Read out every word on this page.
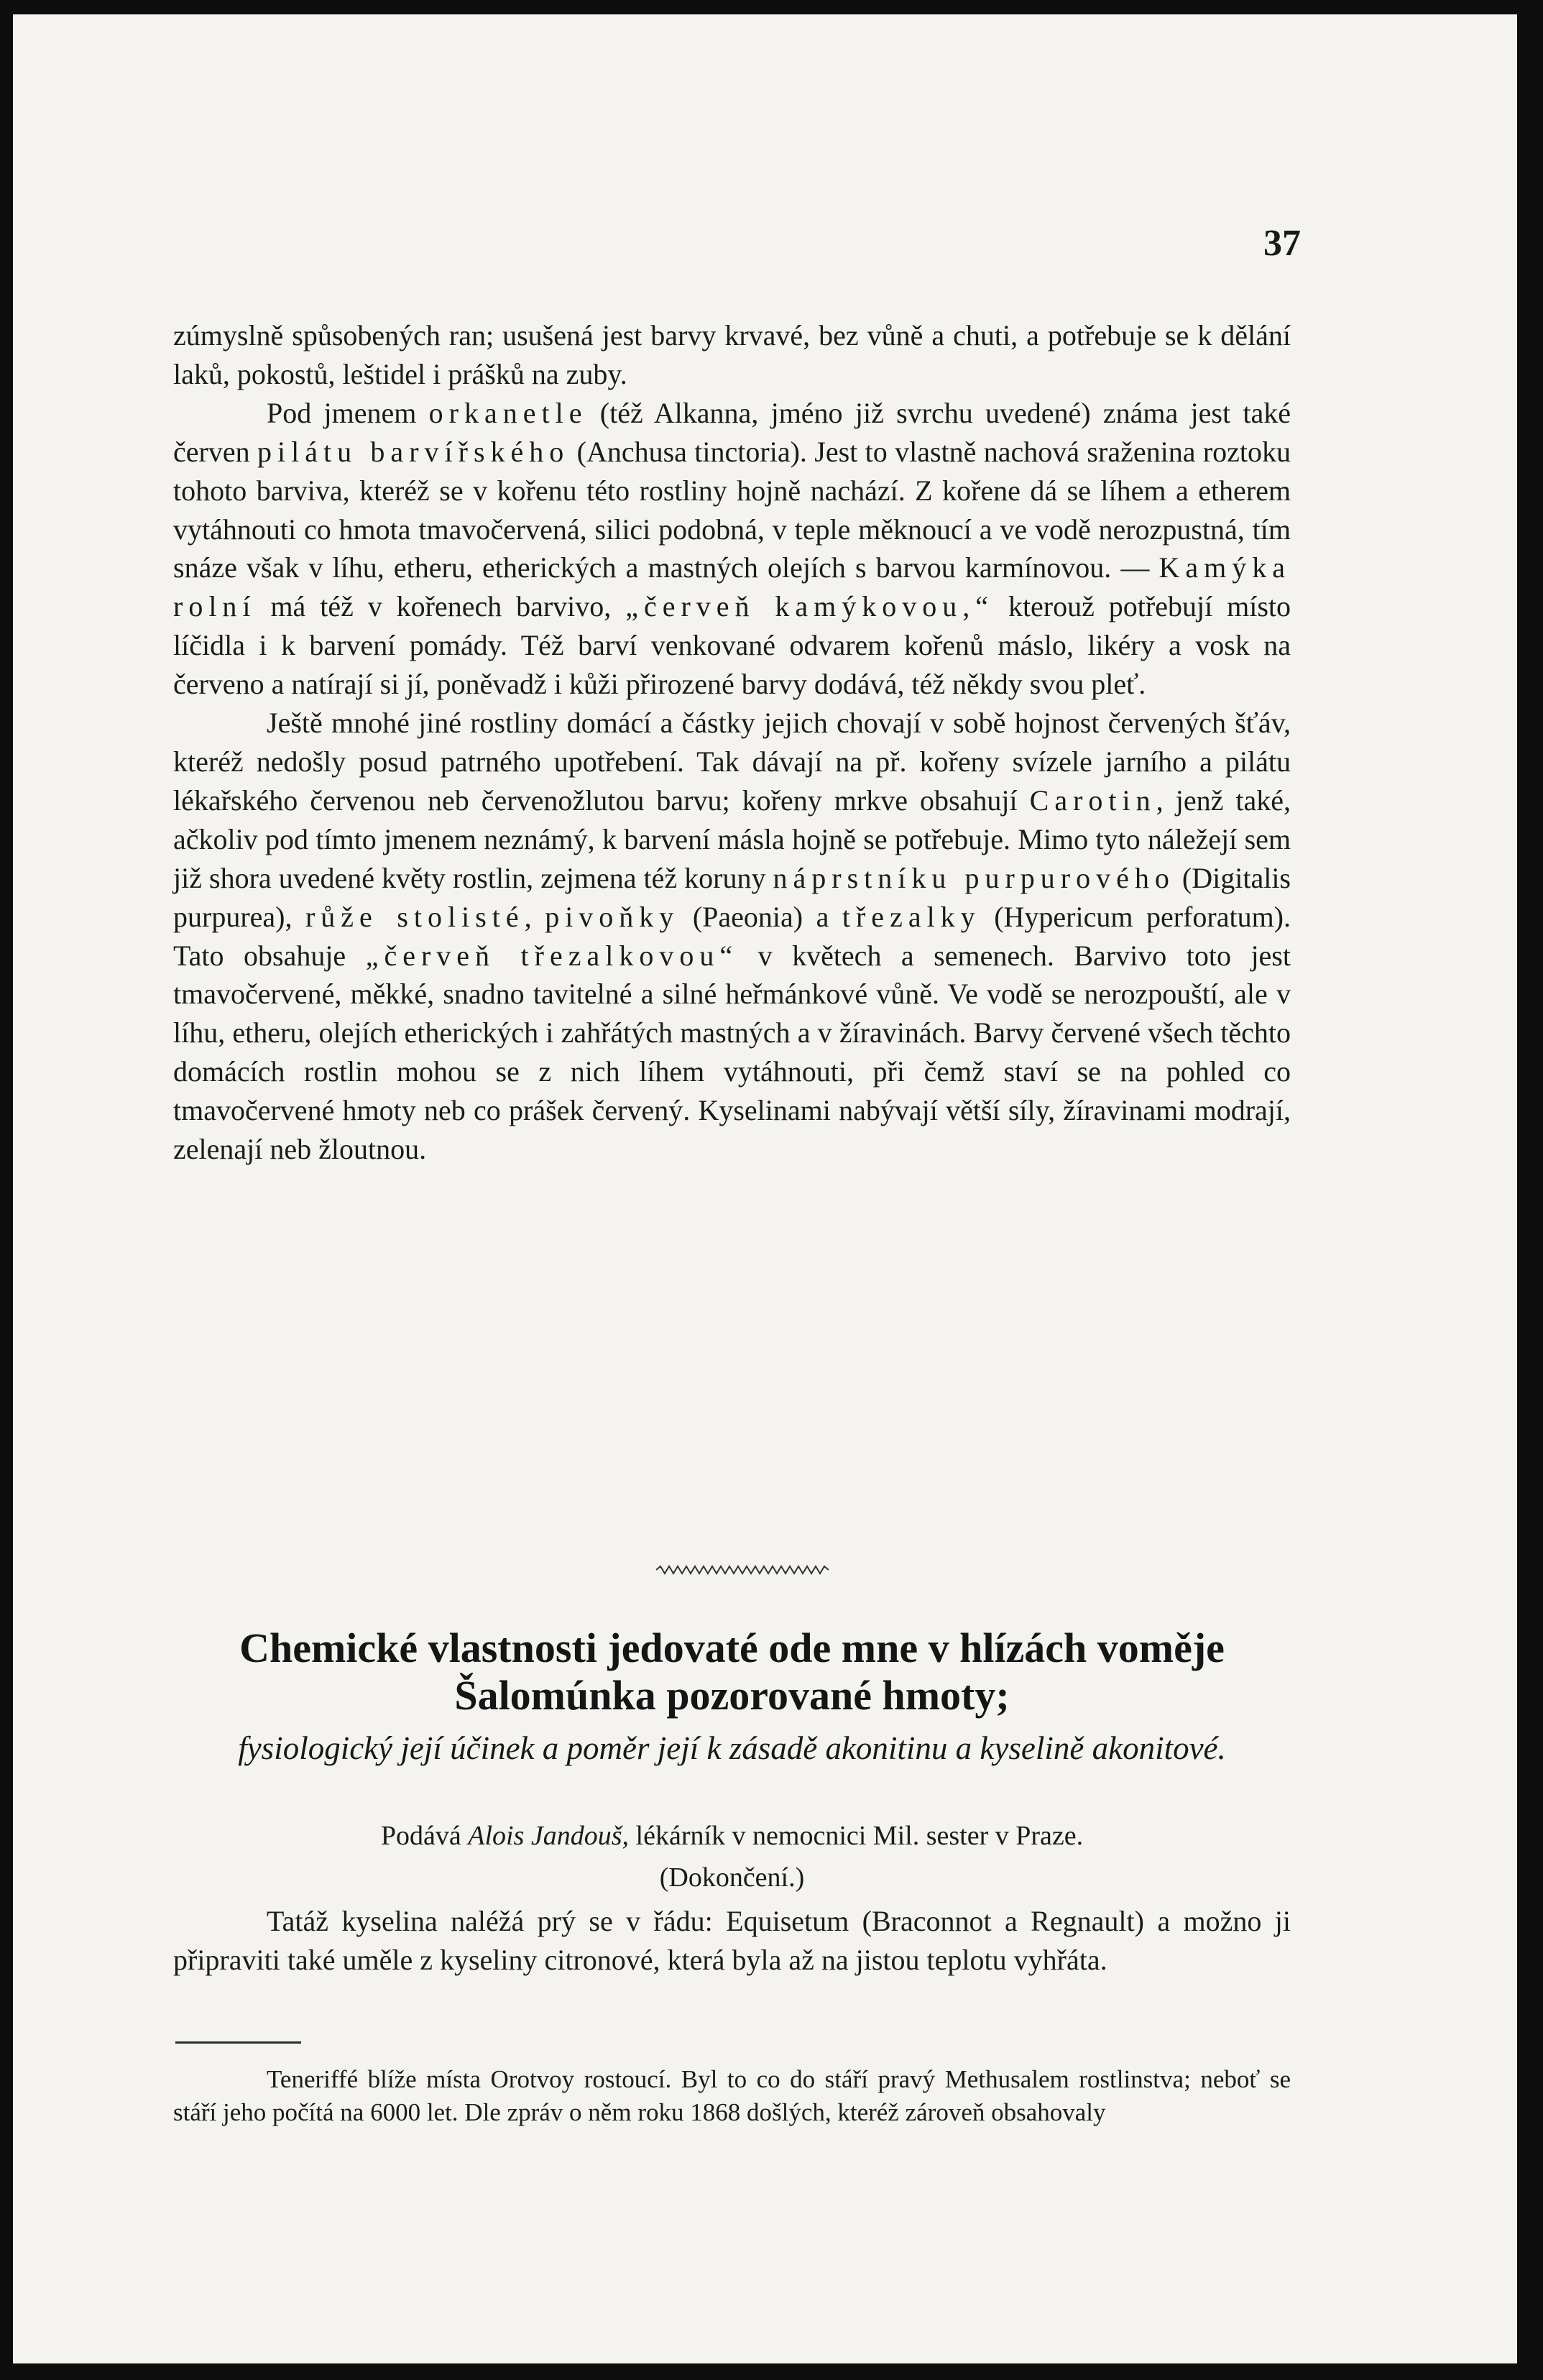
37

zúmyslně spůsobených ran; usušená jest barvy krvavé, bez vůně a chuti, a potřebuje se k dělání laků, pokostů, leštidel i prášků na zuby.

Pod jmenem orkanetle (též Alkanna, jméno již svrchu uvedené) známa jest také červen pilátu barvířského (Anchusa tinctoria). Jest to vlastně nachová sraženina roztoku tohoto barviva, kteréž se v kořenu této rostliny hojně nachází. Z kořene dá se líhem a etherem vytáhnouti co hmota tmavočervená, silici podobná, v teple měknoucí a ve vodě nerozpustná, tím snáze však v líhu, etheru, etherických a mastných olejích s barvou karmínovou. — Kamýka rolní má též v kořenech barvivo, „červeň kamýkovou,“ kterouž potřebují místo líčidla i k barvení pomády. Též barví venkované odvarem kořenů máslo, likéry a vosk na červeno a natírají si jí, poněvadž i kůži přirozené barvy dodává, též někdy svou pleť.

Ještě mnohé jiné rostliny domácí a částky jejich chovají v sobě hojnost červených šťáv, kteréž nedošly posud patrného upotřebení. Tak dávají na př. kořeny svízele jarního a pilátu lékařského červenou neb červenožlutou barvu; kořeny mrkve obsahují Carotin, jenž také, ačkoliv pod tímto jmenem neznámý, k barvení másla hojně se potřebuje. Mimo tyto náležejí sem již shora uvedené květy rostlin, zejmena též koruny náprstníku purpurového (Digitalis purpurea), růže stolisté, pivoňky (Paeonia) a třezalky (Hypericum perforatum). Tato obsahuje „červeň třezalkovou“ v květech a semenech. Barvivo toto jest tmavočervené, měkké, snadno tavitelné a silné heřmánkové vůně. Ve vodě se nerozpouští, ale v líhu, etheru, olejích etherických i zahřátých mastných a v žíravinách. Barvy červené všech těchto domácích rostlin mohou se z nich líhem vytáhnouti, při čemž staví se na pohled co tmavočervené hmoty neb co prášek červený. Kyselinami nabývají větší síly, žíravinami modrají, zelenají neb žloutnou.

Chemické vlastnosti jedovaté ode mne v hlízách voměje Šalomúnka pozorované hmoty;
fysiologický její účinek a poměr její k zásadě akonitinu a kyselině akonitové.
Podává Alois Jandouš, lékárník v nemocnici Mil. sester v Praze.
(Dokončení.)

Tatáž kyselina naléžá prý se v řádu: Equisetum (Braconnot a Regnault) a možno ji připraviti také uměle z kyseliny citronové, která byla až na jistou teplotu vyhřáta.

Teneriffé blíže místa Orotvoy rostoucí. Byl to co do stáří pravý Methusalem rostlinstva; neboť se stáří jeho počítá na 6000 let. Dle zpráv o něm roku 1868 došlých, kteréž zároveň obsahovaly
